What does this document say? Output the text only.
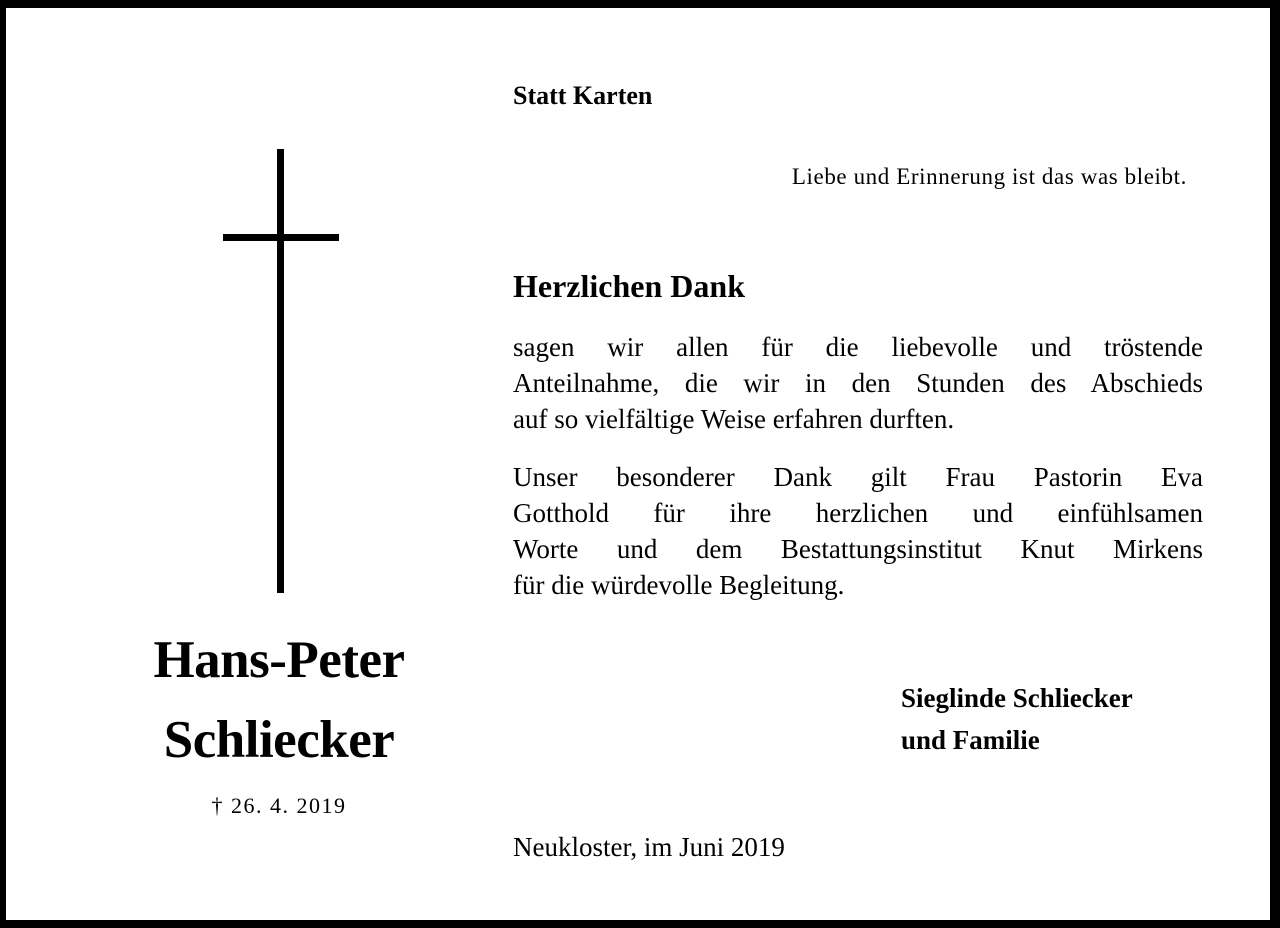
Hans-Peter
Schliecker
† 26. 4. 2019
Statt Karten
Liebe und Erinnerung ist das was bleibt.
Herzlichen Dank
sagen wir allen für die liebevolle und tröstende
Anteilnahme, die wir in den Stunden des Abschieds
auf so vielfältige Weise erfahren durften.
Unser besonderer Dank gilt Frau Pastorin Eva
Gotthold für ihre herzlichen und einfühlsamen
Worte und dem Bestattungsinstitut Knut Mirkens
für die würdevolle Begleitung.
Sieglinde Schliecker
und Familie
Neukloster, im Juni 2019
